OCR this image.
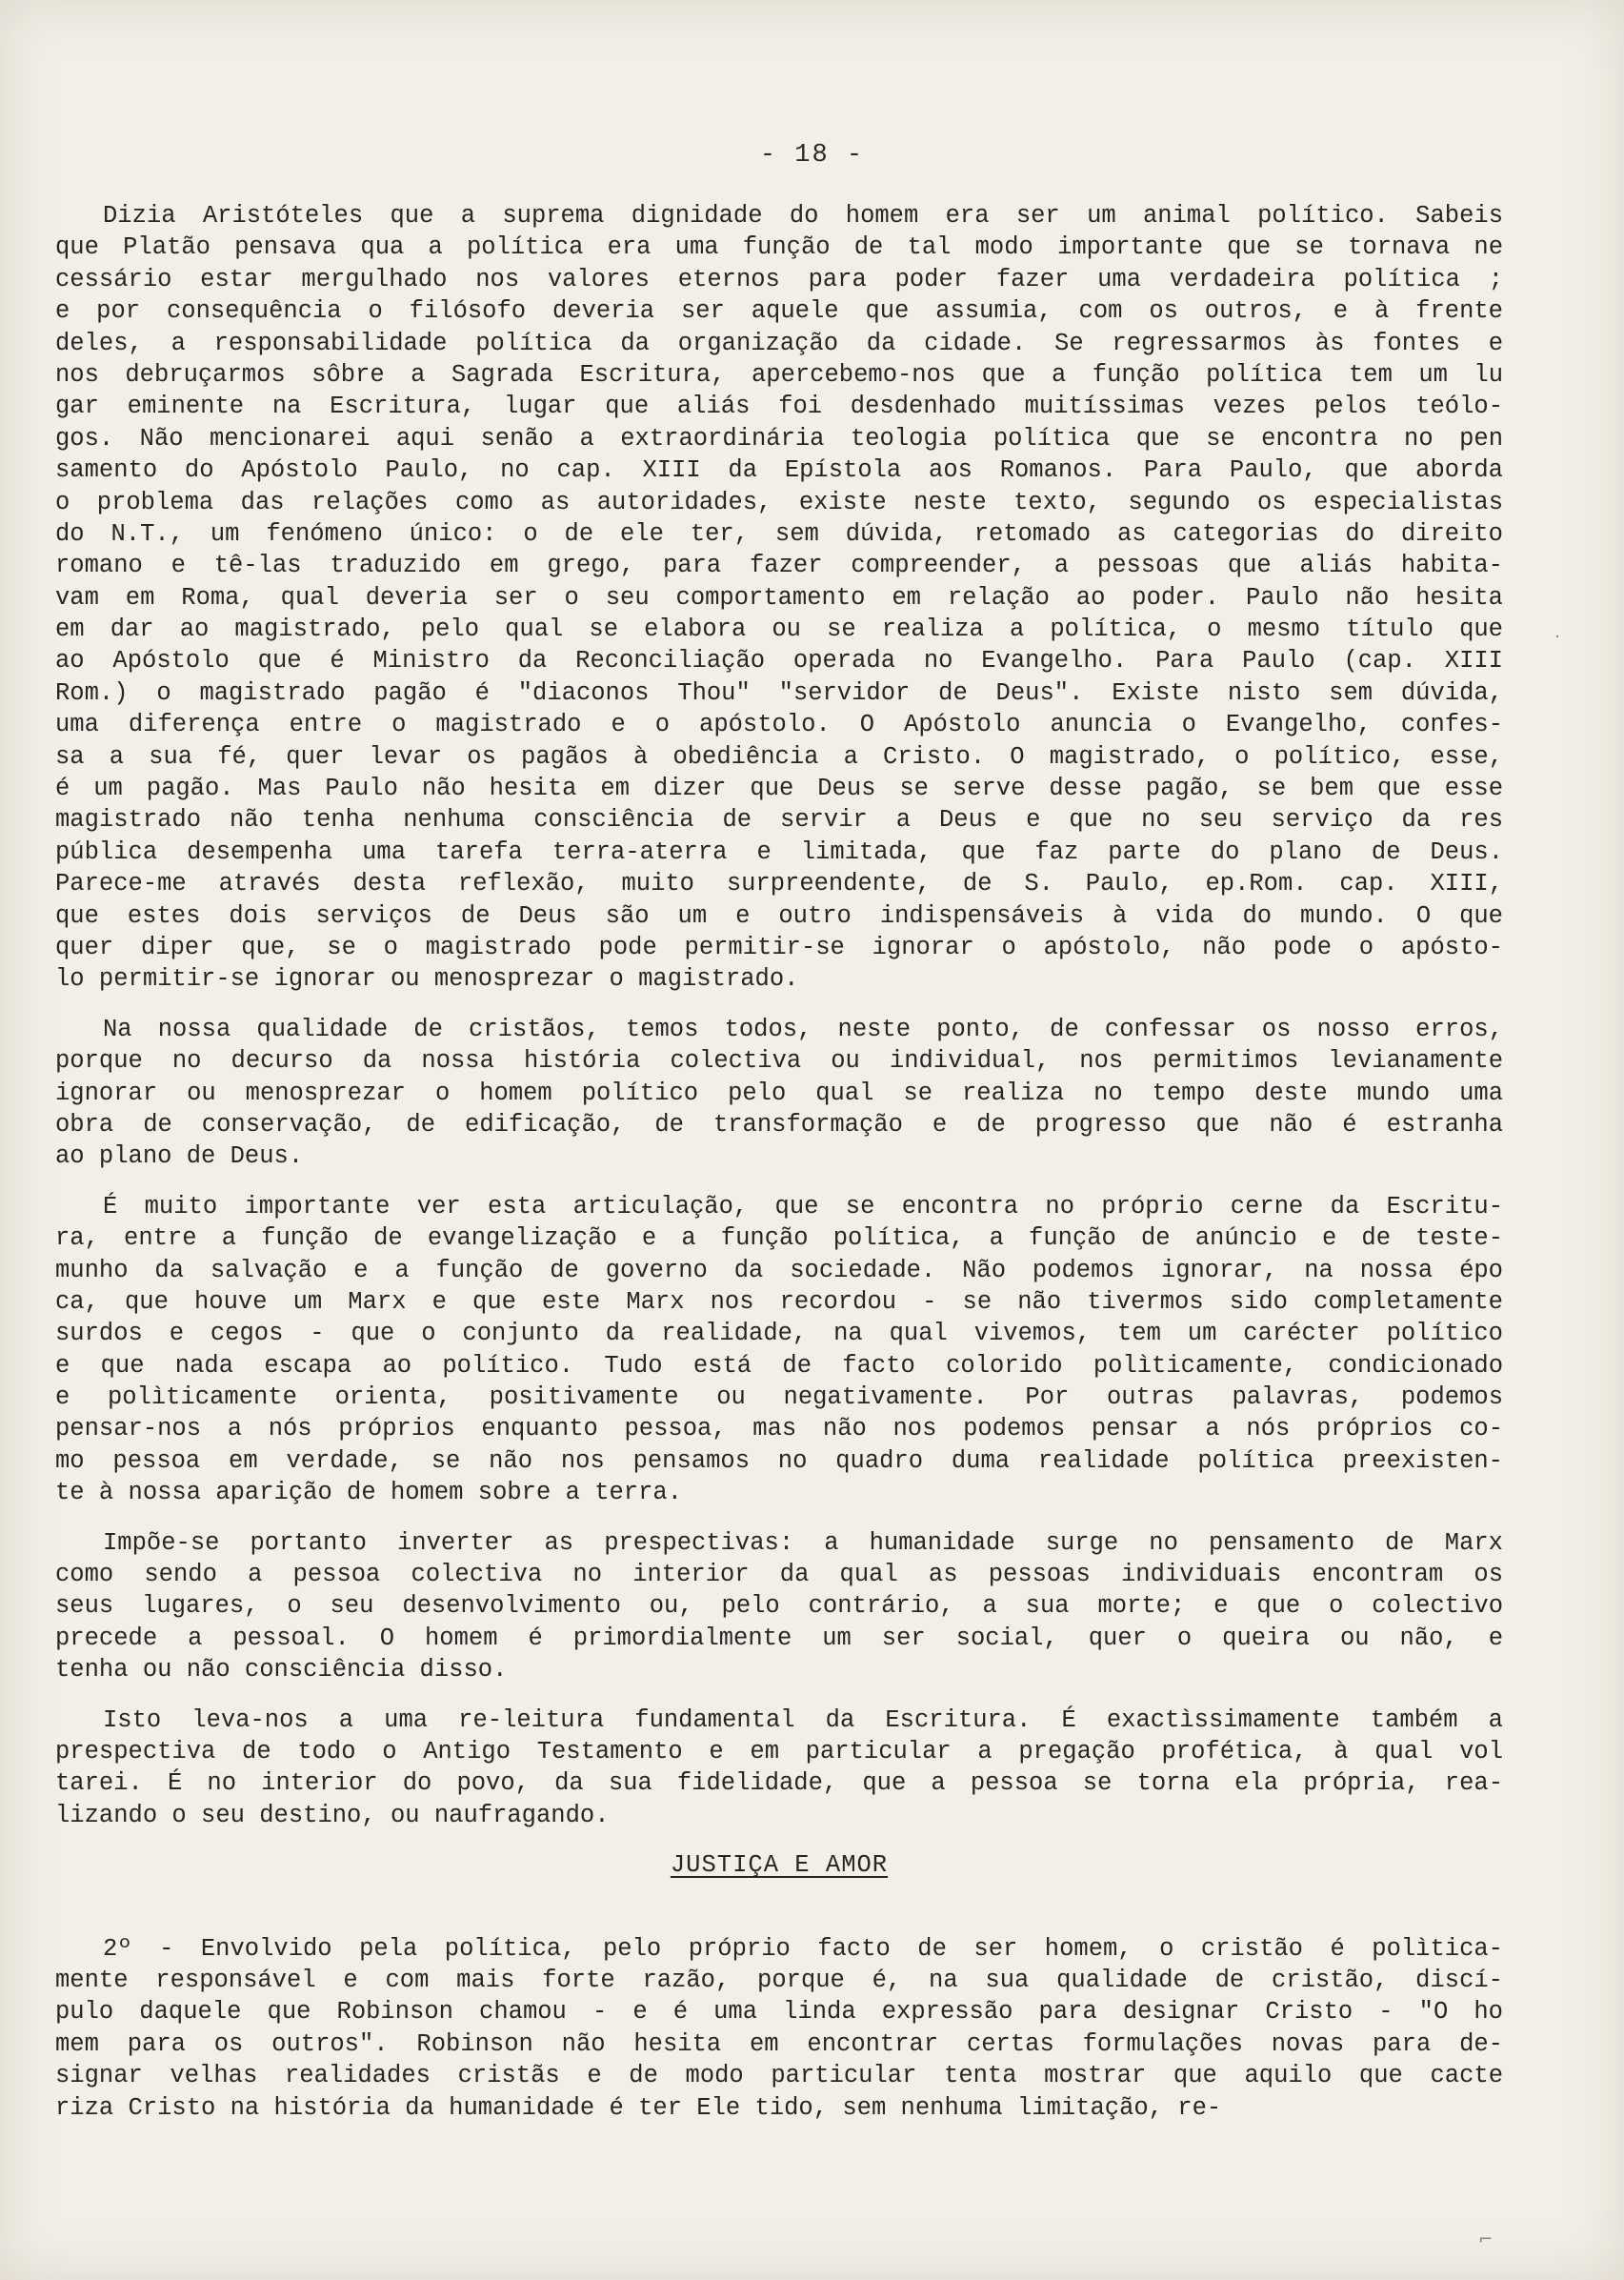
- 18 -
Dizia Aristóteles que a suprema dignidade do homem era ser um animal político. Sabeis
que Platão pensava qua a política era uma função de tal modo importante que se tornava ne
cessário estar mergulhado nos valores eternos para poder fazer uma verdadeira política ;
e por consequência o filósofo deveria ser aquele que assumia, com os outros, e à frente
deles, a responsabilidade política da organização da cidade. Se regressarmos às fontes e
nos debruçarmos sôbre a Sagrada Escritura, apercebemo-nos que a função política tem um lu
gar eminente na Escritura, lugar que aliás foi desdenhado muitíssimas vezes pelos teólo-
gos. Não mencionarei aqui senão a extraordinária teologia política que se encontra no pen
samento do Apóstolo Paulo, no cap. XIII da Epístola aos Romanos. Para Paulo, que aborda
o problema das relações como as autoridades, existe neste texto, segundo os especialistas
do N.T., um fenómeno único: o de ele ter, sem dúvida, retomado as categorias do direito
romano e tê-las traduzido em grego, para fazer compreender, a pessoas que aliás habita-
vam em Roma, qual deveria ser o seu comportamento em relação ao poder. Paulo não hesita
em dar ao magistrado, pelo qual se elabora ou se realiza a política, o mesmo título que
ao Apóstolo que é Ministro da Reconciliação operada no Evangelho. Para Paulo (cap. XIII
Rom.) o magistrado pagão é "diaconos Thou" "servidor de Deus". Existe nisto sem dúvida,
uma diferença entre o magistrado e o apóstolo. O Apóstolo anuncia o Evangelho, confes-
sa a sua fé, quer levar os pagãos à obediência a Cristo. O magistrado, o político, esse,
é um pagão. Mas Paulo não hesita em dizer que Deus se serve desse pagão, se bem que esse
magistrado não tenha nenhuma consciência de servir a Deus e que no seu serviço da res
pública desempenha uma tarefa terra-aterra e limitada, que faz parte do plano de Deus.
Parece-me através desta reflexão, muito surpreendente, de S. Paulo, ep.Rom. cap. XIII,
que estes dois serviços de Deus são um e outro indispensáveis à vida do mundo. O que
quer diper que, se o magistrado pode permitir-se ignorar o apóstolo, não pode o apósto-
lo permitir-se ignorar ou menosprezar o magistrado.
Na nossa qualidade de cristãos, temos todos, neste ponto, de confessar os nosso erros,
porque no decurso da nossa história colectiva ou individual, nos permitimos levianamente
ignorar ou menosprezar o homem político pelo qual se realiza no tempo deste mundo uma
obra de conservação, de edificação, de transformação e de progresso que não é estranha
ao plano de Deus.
É muito importante ver esta articulação, que se encontra no próprio cerne da Escritu-
ra, entre a função de evangelização e a função política, a função de anúncio e de teste-
munho da salvação e a função de governo da sociedade. Não podemos ignorar, na nossa épo
ca, que houve um Marx e que este Marx nos recordou - se não tivermos sido completamente
surdos e cegos - que o conjunto da realidade, na qual vivemos, tem um carécter político
e que nada escapa ao político. Tudo está de facto colorido polìticamente, condicionado
e polìticamente orienta, positivamente ou negativamente. Por outras palavras, podemos
pensar-nos a nós próprios enquanto pessoa, mas não nos podemos pensar a nós próprios co-
mo pessoa em verdade, se não nos pensamos no quadro duma realidade política preexisten-
te à nossa aparição de homem sobre a terra.
Impõe-se portanto inverter as prespectivas: a humanidade surge no pensamento de Marx
como sendo a pessoa colectiva no interior da qual as pessoas individuais encontram os
seus lugares, o seu desenvolvimento ou, pelo contrário, a sua morte; e que o colectivo
precede a pessoal. O homem é primordialmente um ser social, quer o queira ou não, e
tenha ou não consciência disso.
Isto leva-nos a uma re-leitura fundamental da Escritura. É exactìssimamente também a
prespectiva de todo o Antigo Testamento e em particular a pregação profética, à qual vol
tarei. É no interior do povo, da sua fidelidade, que a pessoa se torna ela própria, rea-
lizando o seu destino, ou naufragando.
JUSTIÇA E AMOR
2º - Envolvido pela política, pelo próprio facto de ser homem, o cristão é polìtica-
mente responsável e com mais forte razão, porque é, na sua qualidade de cristão, discí-
pulo daquele que Robinson chamou - e é uma linda expressão para designar Cristo - "O ho
mem para os outros". Robinson não hesita em encontrar certas formulações novas para de-
signar velhas realidades cristãs e de modo particular tenta mostrar que aquilo que cacte
riza Cristo na história da humanidade é ter Ele tido, sem nenhuma limitação, re-
·
⌐
